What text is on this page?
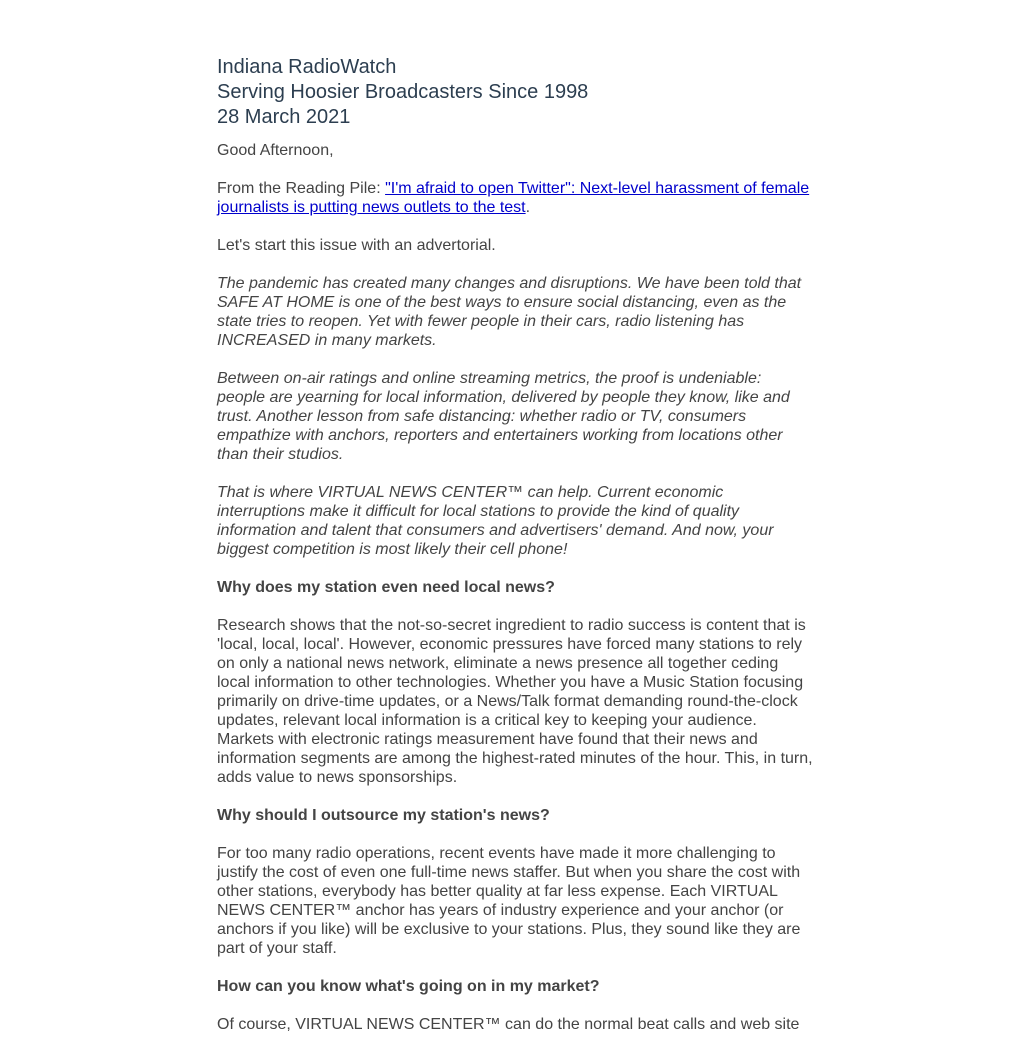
Indiana RadioWatch
Serving Hoosier Broadcasters Since 1998
28 March 2021
Good Afternoon,
From the Reading Pile: "I'm afraid to open Twitter": Next-level harassment of female
journalists is putting news outlets to the test.
Let's start this issue with an advertorial.
The pandemic has created many changes and disruptions. We have been told that
SAFE AT HOME is one of the best ways to ensure social distancing, even as the
state tries to reopen. Yet with fewer people in their cars, radio listening has
INCREASED in many markets.
Between on-air ratings and online streaming metrics, the proof is undeniable:
people are yearning for local information, delivered by people they know, like and
trust. Another lesson from safe distancing: whether radio or TV, consumers
empathize with anchors, reporters and entertainers working from locations other
than their studios.
That is where VIRTUAL NEWS CENTER™ can help. Current economic
interruptions make it difficult for local stations to provide the kind of quality
information and talent that consumers and advertisers' demand. And now, your
biggest competition is most likely their cell phone!
Why does my station even need local news?
Research shows that the not-so-secret ingredient to radio success is content that is
'local, local, local'. However, economic pressures have forced many stations to rely
on only a national news network, eliminate a news presence all together ceding
local information to other technologies. Whether you have a Music Station focusing
primarily on drive-time updates, or a News/Talk format demanding round-the-clock
updates, relevant local information is a critical key to keeping your audience.
Markets with electronic ratings measurement have found that their news and
information segments are among the highest-rated minutes of the hour. This, in turn,
adds value to news sponsorships.
Why should I outsource my station's news?
For too many radio operations, recent events have made it more challenging to
justify the cost of even one full-time news staffer. But when you share the cost with
other stations, everybody has better quality at far less expense. Each VIRTUAL
NEWS CENTER™ anchor has years of industry experience and your anchor (or
anchors if you like) will be exclusive to your stations. Plus, they sound like they are
part of your staff.
How can you know what's going on in my market?
Of course, VIRTUAL NEWS CENTER™ can do the normal beat calls and web site
